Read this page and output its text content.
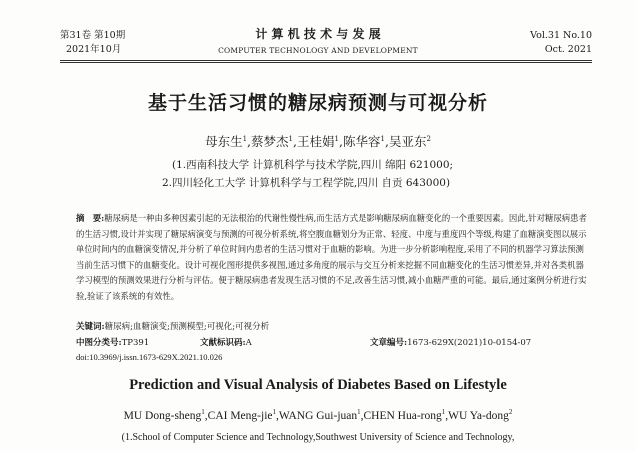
第31卷 第10期
2021年10月
计 算 机 技 术 与 发 展
COMPUTER TECHNOLOGY AND DEVELOPMENT
Vol.31 No.10
Oct. 2021
基于生活习惯的糖尿病预测与可视分析
母东生$^1$,蔡梦杰$^1$,王桂娟$^1$,陈华容$^1$,吴亚东$^2$
(1.西南科技大学 计算机科学与技术学院,四川 绵阳 621000;
2.四川轻化工大学 计算机科学与工程学院,四川 自贡 643000)
摘　要:糖尿病是一种由多种因素引起的无法根治的代谢性慢性病,而生活方式是影响糖尿病血糖变化的一个重要因素。因此,针对糖尿病患者的生活习惯,设计并实现了糖尿病演变与预测的可视分析系统,将空腹血糖划分为正常、轻度、中度与重度四个等级,构建了血糖演变图以展示单位时间内的血糖演变情况,并分析了单位时间内患者的生活习惯对于血糖的影响。为进一步分析影响程度,采用了不同的机器学习算法预测当前生活习惯下的血糖变化。设计可视化图形提供多视图,通过多角度的展示与交互分析来挖掘不同血糖变化的生活习惯差异,并对各类机器学习模型的预测效果进行分析与评估。便于糖尿病患者发现生活习惯的不足,改善生活习惯,减小血糖严重的可能。最后,通过案例分析进行实验,验证了该系统的有效性。
关键词:糖尿病;血糖演变;预测模型;可视化;可视分析
中图分类号:TP391	文献标识码:A	文章编号:1673-629X(2021)10-0154-07
doi:10.3969/j.issn.1673-629X.2021.10.026
Prediction and Visual Analysis of Diabetes Based on Lifestyle
MU Dong-sheng$^1$,CAI Meng-jie$^1$,WANG Gui-juan$^1$,CHEN Hua-rong$^1$,WU Ya-dong$^2$
(1.School of Computer Science and Technology,Southwest University of Science and Technology,
